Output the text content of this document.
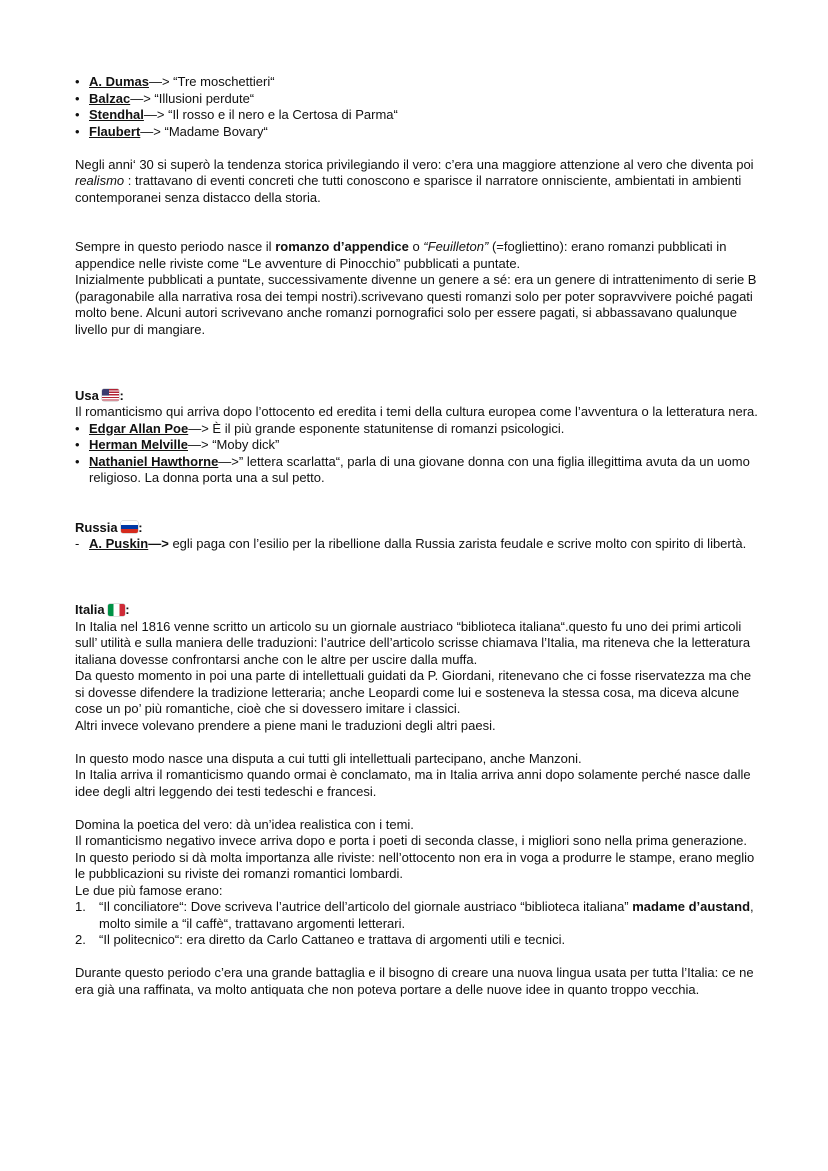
• A. Dumas—> “Tre moschettieri“
• Balzac—> “Illusioni perdute“
• Stendhal—> “Il rosso e il nero e la Certosa di Parma“
• Flaubert—> “Madame Bovary“
Negli anni‘ 30 si superò la tendenza storica privilegiando il vero: c’era una maggiore attenzione al vero che diventa poi realismo : trattavano di eventi concreti che tutti conoscono e sparisce il narratore onnisciente, ambientati in ambienti contemporanei senza distacco della storia.
Sempre in questo periodo nasce il romanzo d’appendice o “Feuilleton” (=fogliettino): erano romanzi pubblicati in appendice nelle riviste come “Le avventure di Pinocchio” pubblicati a puntate.
Inizialmente pubblicati a puntate, successivamente divenne un genere a sé: era un genere di intrattenimento di serie B (paragonabile alla narrativa rosa dei tempi nostri).scrivevano questi romanzi solo per poter sopravvivere poiché pagati molto bene. Alcuni autori scrivevano anche romanzi pornografici solo per essere pagati, si abbassavano qualunque livello pur di mangiare.
Usa :
Il romanticismo qui arriva dopo l’ottocento ed eredita i temi della cultura europea come l’avventura o la letteratura nera.
• Edgar Allan Poe—> È il più grande esponente statunitense di romanzi psicologici.
• Herman Melville—> “Moby dick”
• Nathaniel Hawthorne—>” lettera scarlatta“, parla di una giovane donna con una figlia illegittima avuta da un uomo religioso. La donna porta una a sul petto.
Russia :
- A. Puskin—> egli paga con l’esilio per la ribellione dalla Russia zarista feudale e scrive molto con spirito di libertà.
Italia :
In Italia nel 1816 venne scritto un articolo su un giornale austriaco “biblioteca italiana“.questo fu uno dei primi articoli sull’ utilità e sulla maniera delle traduzioni: l’autrice dell’articolo scrisse chiamava l’Italia, ma riteneva che la letteratura italiana dovesse confrontarsi anche con le altre per uscire dalla muffa.
Da questo momento in poi una parte di intellettuali guidati da P. Giordani, ritenevano che ci fosse riservatezza ma che si dovesse difendere la tradizione letteraria; anche Leopardi come lui e sosteneva la stessa cosa, ma diceva alcune cose un po’ più romantiche, cioè che si dovessero imitare i classici.
Altri invece volevano prendere a piene mani le traduzioni degli altri paesi.
In questo modo nasce una disputa a cui tutti gli intellettuali partecipano, anche Manzoni.
In Italia arriva il romanticismo quando ormai è conclamato, ma in Italia arriva anni dopo solamente perché nasce dalle idee degli altri leggendo dei testi tedeschi e francesi.
Domina la poetica del vero: dà un’idea realistica con i temi.
Il romanticismo negativo invece arriva dopo e porta i poeti di seconda classe, i migliori sono nella prima generazione. In questo periodo si dà molta importanza alle riviste: nell’ottocento non era in voga a produrre le stampe, erano meglio le pubblicazioni su riviste dei romanzi romantici lombardi.
Le due più famose erano:
1. “Il conciliatore“: Dove scriveva l’autrice dell’articolo del giornale austriaco “biblioteca italiana” madame d’austand, molto simile a “il caffè“, trattavano argomenti letterari.
2. “Il politecnico“: era diretto da Carlo Cattaneo e trattava di argomenti utili e tecnici.
Durante questo periodo c’era una grande battaglia e il bisogno di creare una nuova lingua usata per tutta l’Italia: ce ne era già una raffinata, va molto antiquata che non poteva portare a delle nuove idee in quanto troppo vecchia.
